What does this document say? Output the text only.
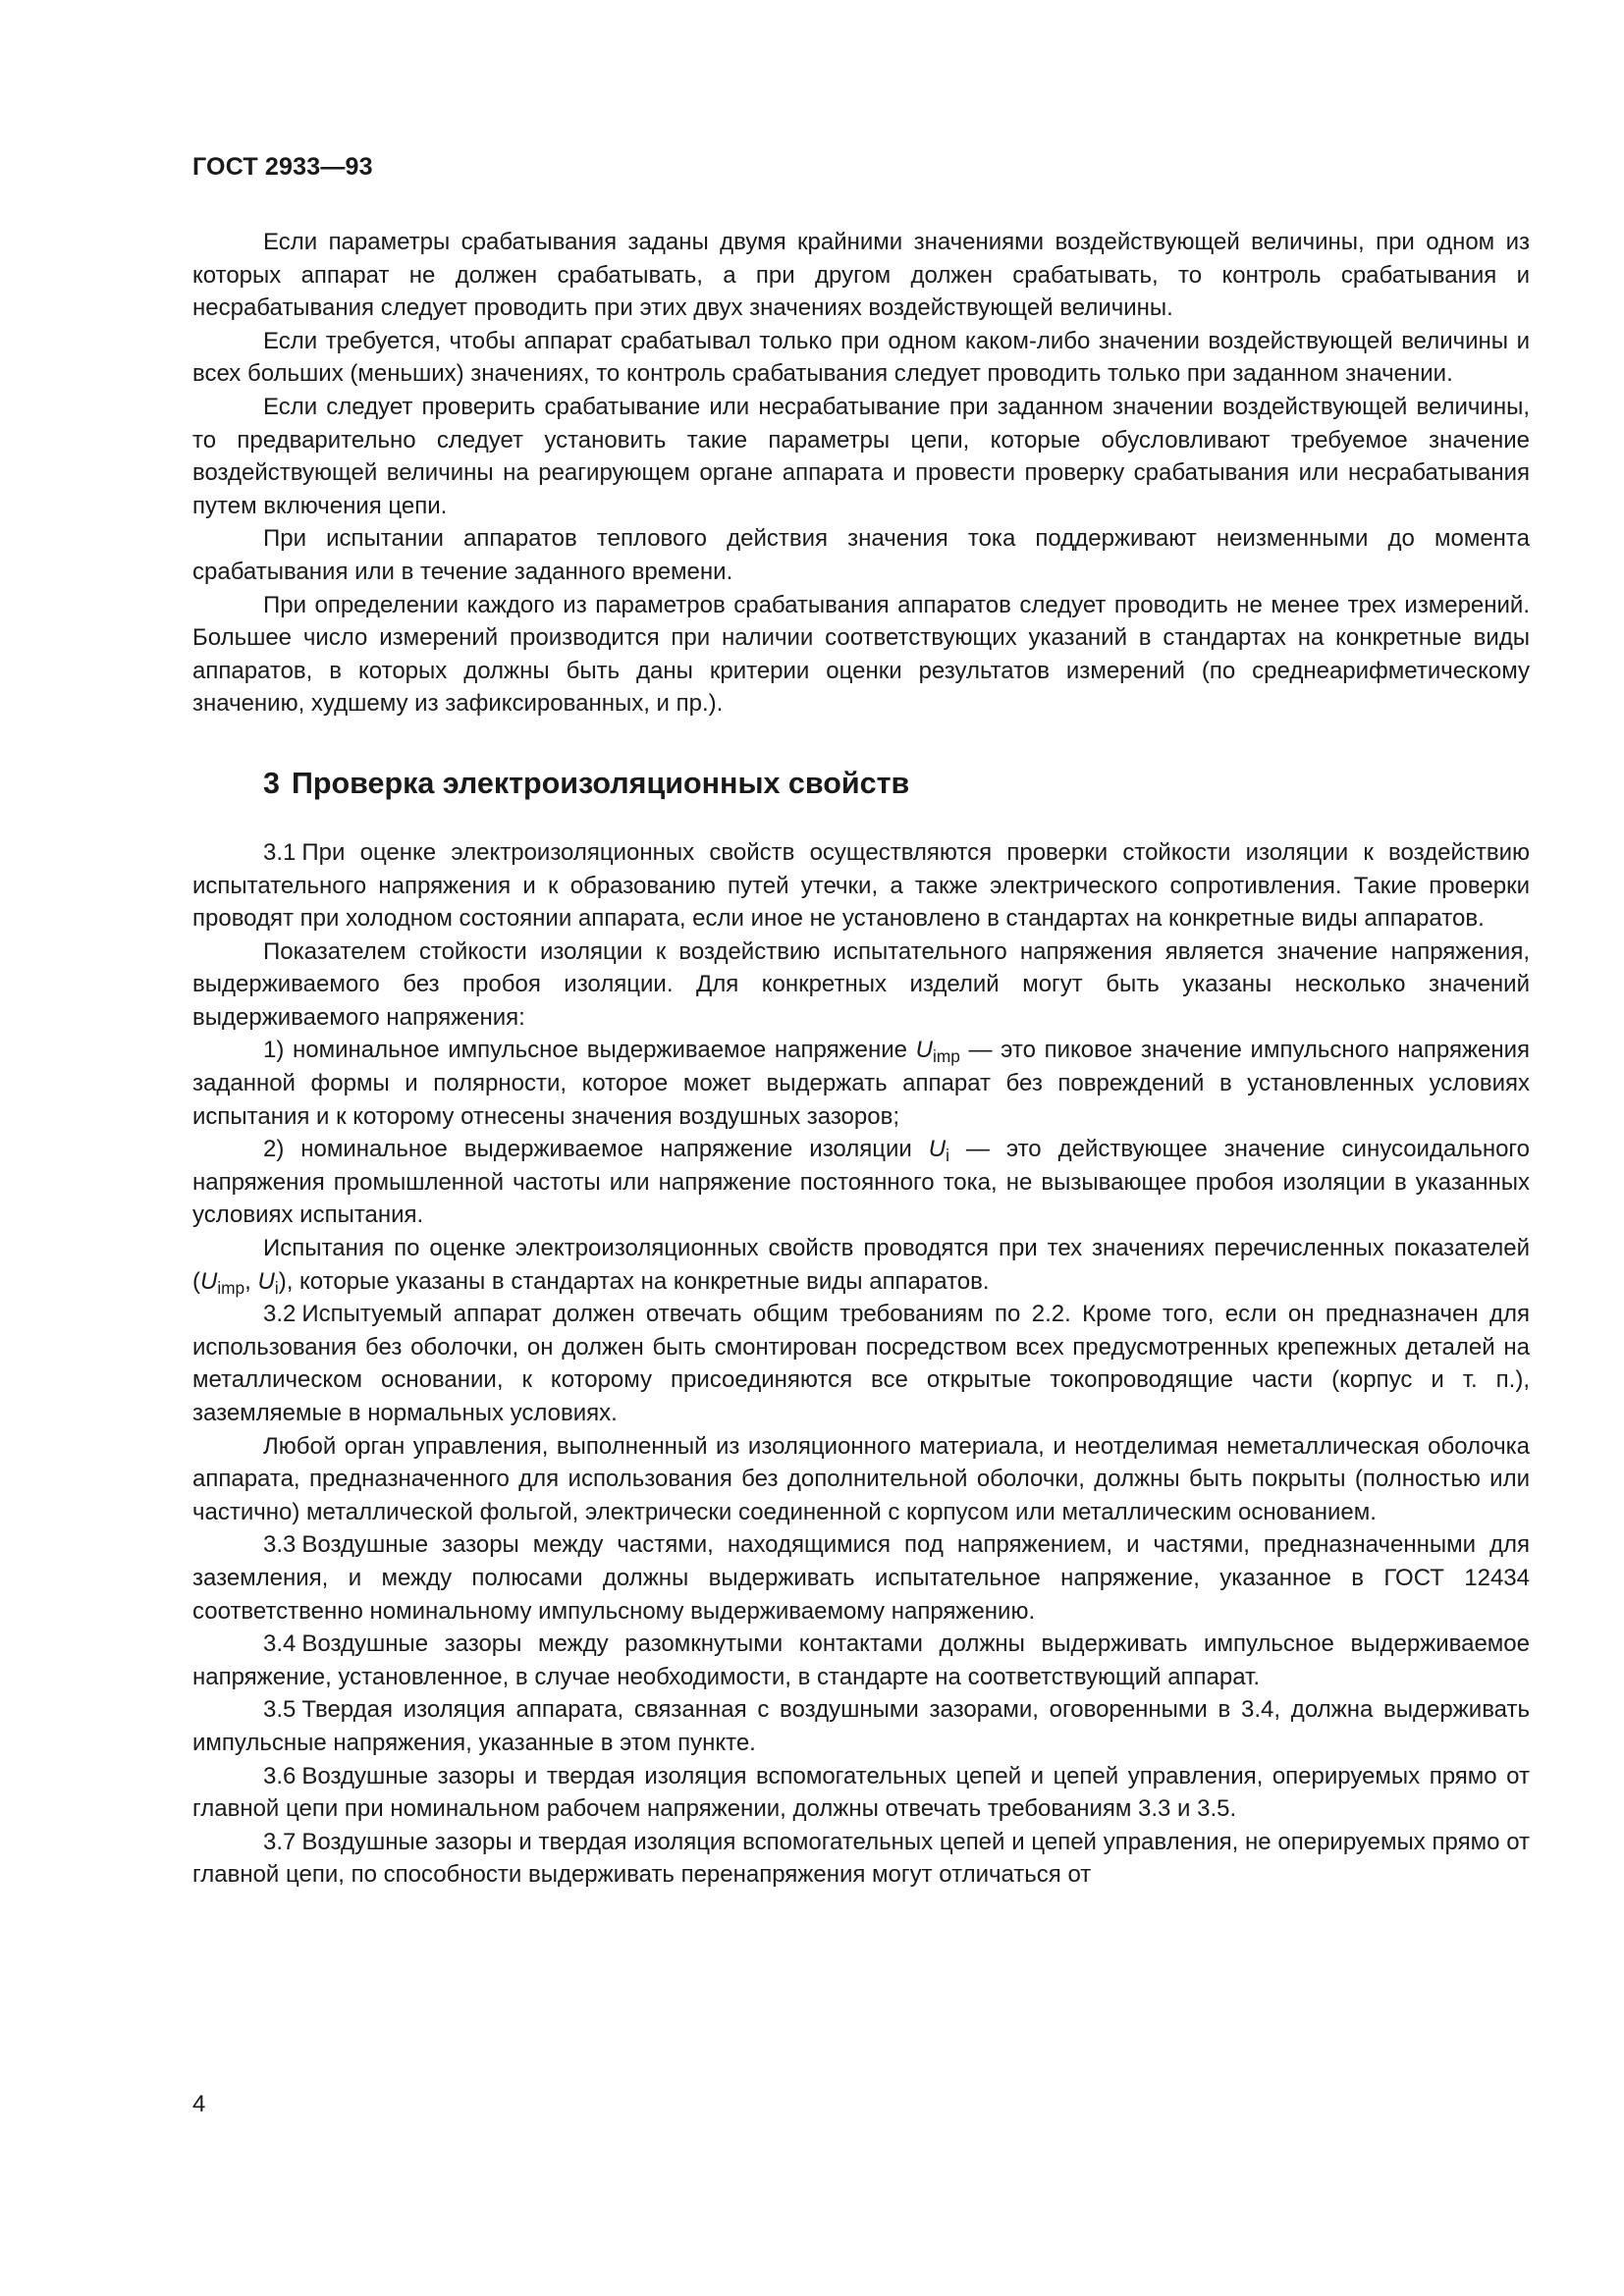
ГОСТ 2933—93

Если параметры срабатывания заданы двумя крайними значениями воздействующей величины, при одном из которых аппарат не должен срабатывать, а при другом должен срабатывать, то контроль срабатывания и несрабатывания следует проводить при этих двух значениях воздействующей величины.

Если требуется, чтобы аппарат срабатывал только при одном каком-либо значении воздействующей величины и всех больших (меньших) значениях, то контроль срабатывания следует проводить только при заданном значении.

Если следует проверить срабатывание или несрабатывание при заданном значении воздействующей величины, то предварительно следует установить такие параметры цепи, которые обусловливают требуемое значение воздействующей величины на реагирующем органе аппарата и провести проверку срабатывания или несрабатывания путем включения цепи.

При испытании аппаратов теплового действия значения тока поддерживают неизменными до момента срабатывания или в течение заданного времени.

При определении каждого из параметров срабатывания аппаратов следует проводить не менее трех измерений. Большее число измерений производится при наличии соответствующих указаний в стандартах на конкретные виды аппаратов, в которых должны быть даны критерии оценки результатов измерений (по среднеарифметическому значению, худшему из зафиксированных, и пр.).

3 Проверка электроизоляционных свойств

3.1 При оценке электроизоляционных свойств осуществляются проверки стойкости изоляции к воздействию испытательного напряжения и к образованию путей утечки, а также электрического сопротивления. Такие проверки проводят при холодном состоянии аппарата, если иное не установлено в стандартах на конкретные виды аппаратов.

Показателем стойкости изоляции к воздействию испытательного напряжения является значение напряжения, выдерживаемого без пробоя изоляции. Для конкретных изделий могут быть указаны несколько значений выдерживаемого напряжения:

1) номинальное импульсное выдерживаемое напряжение $U_{imp}$ — это пиковое значение импульсного напряжения заданной формы и полярности, которое может выдержать аппарат без повреждений в установленных условиях испытания и к которому отнесены значения воздушных зазоров;

2) номинальное выдерживаемое напряжение изоляции $U_i$ — это действующее значение синусоидального напряжения промышленной частоты или напряжение постоянного тока, не вызывающее пробоя изоляции в указанных условиях испытания.

Испытания по оценке электроизоляционных свойств проводятся при тех значениях перечисленных показателей ($U_{imp}$, $U_i$), которые указаны в стандартах на конкретные виды аппаратов.

3.2 Испытуемый аппарат должен отвечать общим требованиям по 2.2. Кроме того, если он предназначен для использования без оболочки, он должен быть смонтирован посредством всех предусмотренных крепежных деталей на металлическом основании, к которому присоединяются все открытые токопроводящие части (корпус и т. п.), заземляемые в нормальных условиях.

Любой орган управления, выполненный из изоляционного материала, и неотделимая неметаллическая оболочка аппарата, предназначенного для использования без дополнительной оболочки, должны быть покрыты (полностью или частично) металлической фольгой, электрически соединенной с корпусом или металлическим основанием.

3.3 Воздушные зазоры между частями, находящимися под напряжением, и частями, предназначенными для заземления, и между полюсами должны выдерживать испытательное напряжение, указанное в ГОСТ 12434 соответственно номинальному импульсному выдерживаемому напряжению.

3.4 Воздушные зазоры между разомкнутыми контактами должны выдерживать импульсное выдерживаемое напряжение, установленное, в случае необходимости, в стандарте на соответствующий аппарат.

3.5 Твердая изоляция аппарата, связанная с воздушными зазорами, оговоренными в 3.4, должна выдерживать импульсные напряжения, указанные в этом пункте.

3.6 Воздушные зазоры и твердая изоляция вспомогательных цепей и цепей управления, оперируемых прямо от главной цепи при номинальном рабочем напряжении, должны отвечать требованиям 3.3 и 3.5.

3.7 Воздушные зазоры и твердая изоляция вспомогательных цепей и цепей управления, не оперируемых прямо от главной цепи, по способности выдерживать перенапряжения могут отличаться от

4
